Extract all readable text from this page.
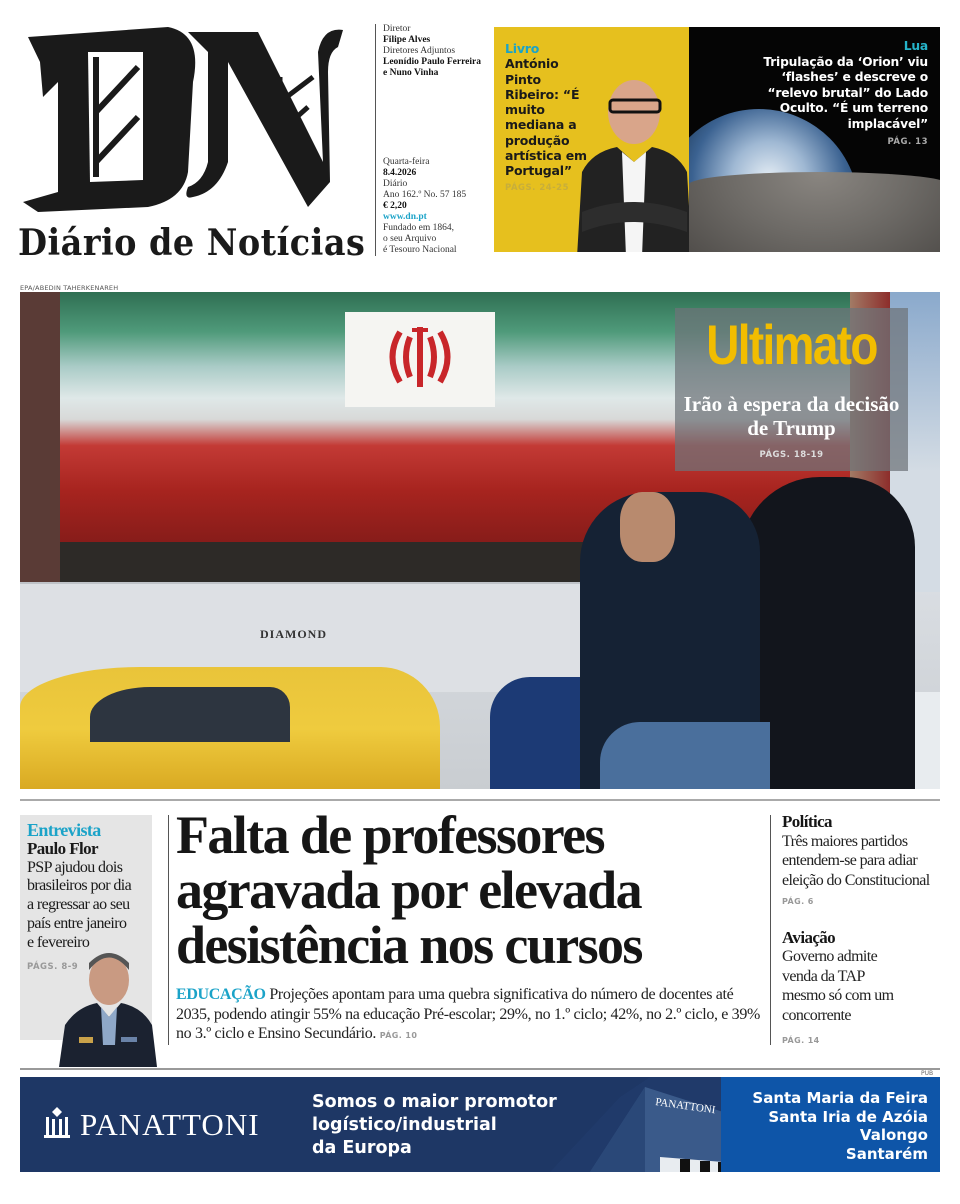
Diário de Notícias
Diretor
Filipe Alves
Diretores Adjuntos
Leonídio Paulo Ferreira e Nuno Vinha
Quarta-feira
8.4.2026
Diário
Ano 162.º No. 57 185
€ 2,20
www.dn.pt
Fundado em 1864,
o seu Arquivo
é Tesouro Nacional
Livro
António Pinto Ribeiro: “É muito mediana a produção artística em Portugal”
PÁGS. 24-25
Lua
Tripulação da ‘Orion’ viu ‘flashes’ e descreve o “relevo brutal” do Lado Oculto. “É um terreno implacável”
PÁG. 13
EPA/ABEDIN TAHERKENAREH
DIAMOND
Ultimato
Irão à espera da decisão de Trump
PÁGS. 18-19
Entrevista
Paulo Flor
PSP ajudou dois brasileiros por dia a regressar ao seu país entre janeiro e fevereiro
PÁGS. 8-9
Falta de professores agravada por elevada desistência nos cursos
EDUCAÇÃO Projeções apontam para uma quebra significativa do número de docentes até 2035, podendo atingir 55% na educação Pré-escolar; 29%, no 1.º ciclo; 42%, no 2.º ciclo, e 39% no 3.º ciclo e Ensino Secundário. PÁG. 10
Política
Três maiores partidos entendem-se para adiar eleição do Constitucional PÁG. 6
Aviação
Governo admite venda da TAP mesmo só com um concorrente
PÁG. 14
PUB
PANATTONI
Somos o maior promotor
logístico/industrial
da Europa
PANATTONI Santa Maria da Feira
Santa Iria de Azóia
Valongo
Santarém
